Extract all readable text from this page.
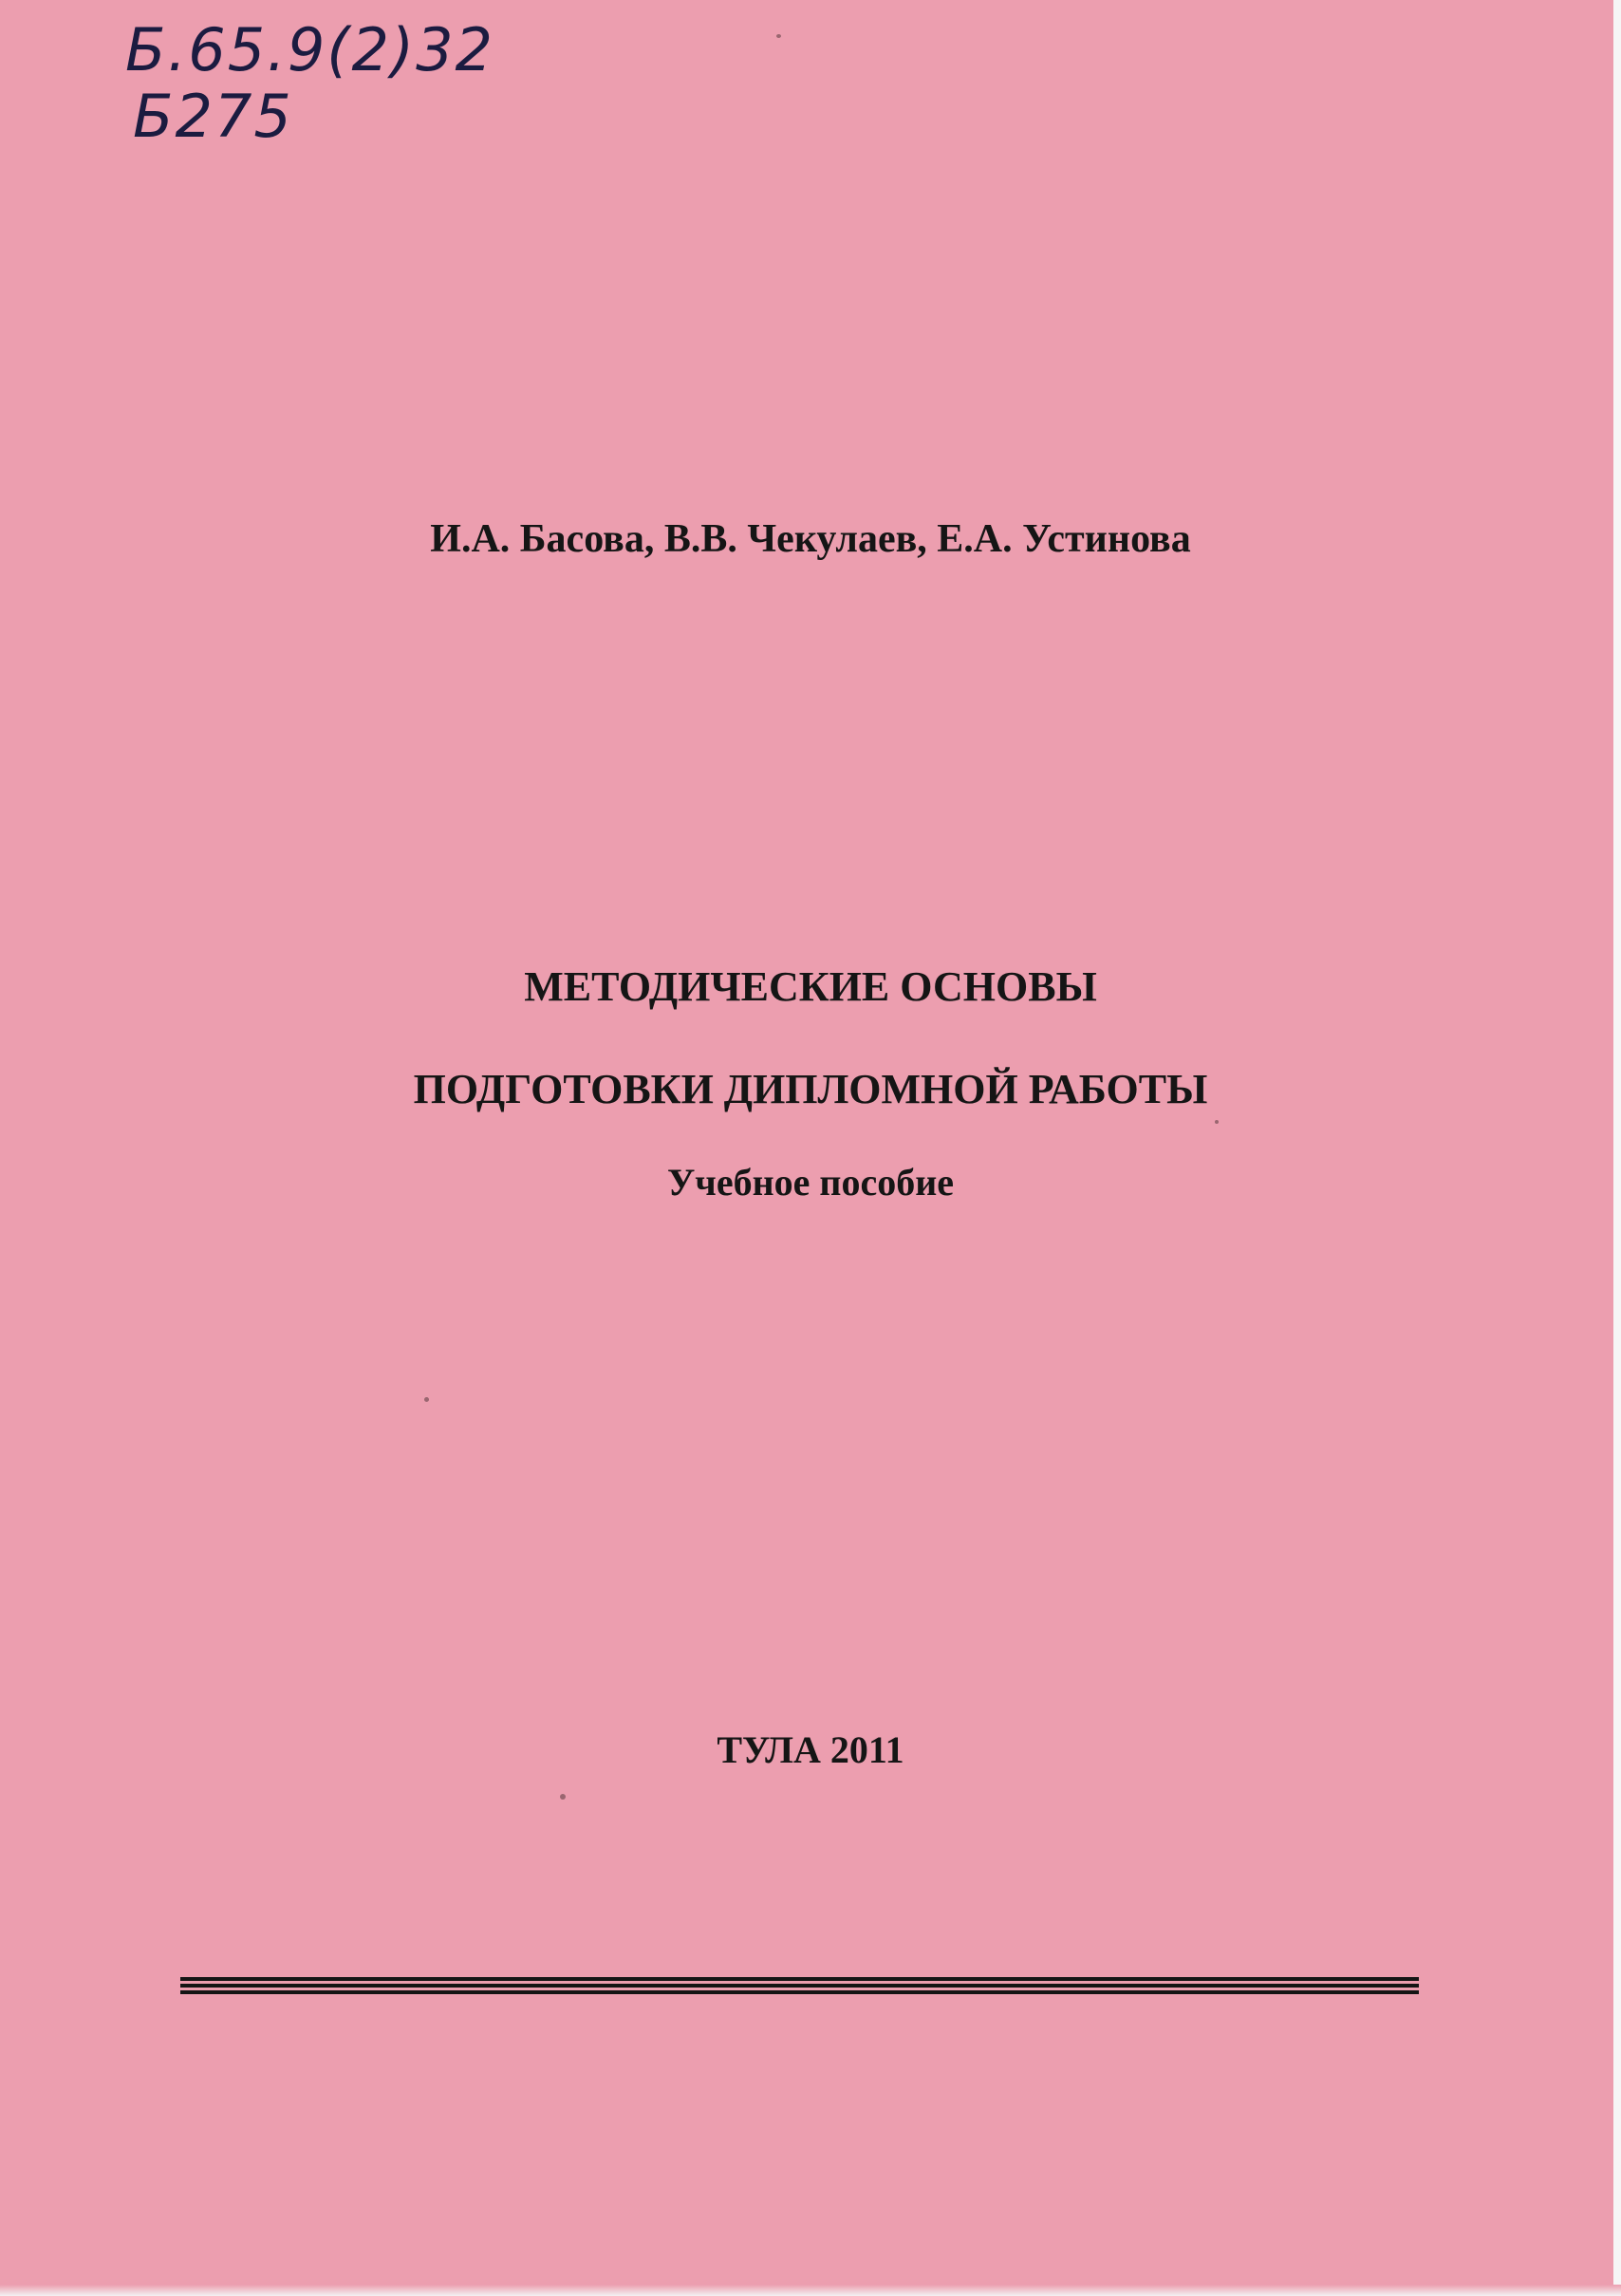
Б.65.9(2)32
Б275
И.А. Басова, В.В. Чекулаев, Е.А. Устинова
МЕТОДИЧЕСКИЕ ОСНОВЫ
ПОДГОТОВКИ ДИПЛОМНОЙ РАБОТЫ
Учебное пособие
ТУЛА 2011
